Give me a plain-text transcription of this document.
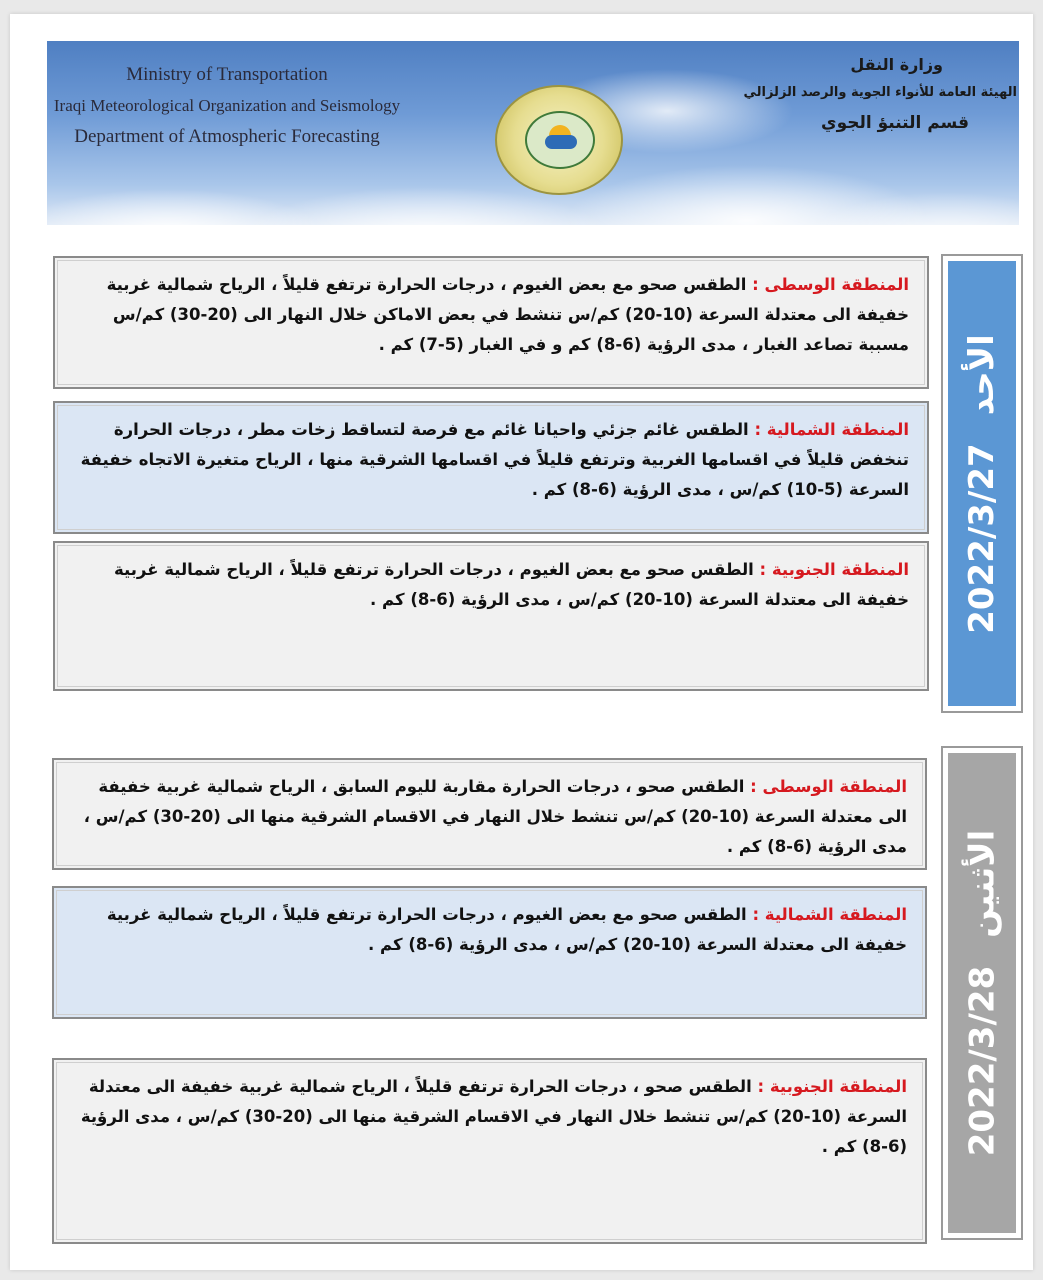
Ministry of Transportation
Iraqi Meteorological Organization and Seismology
Department of Atmospheric Forecasting
وزارة النقل
الهيئة العامة للأنواء الجوية والرصد الزلزالي
قسم التنبؤ الجوي
2022/3/27
الأحد
المنطقة الوسطى : الطقس صحو مع بعض الغيوم ، درجات الحرارة ترتفع قليلاً ، الرياح شمالية غربية خفيفة الى معتدلة السرعة (10-20) كم/س تنشط في بعض الاماكن خلال النهار الى (20-30) كم/س مسببة تصاعد الغبار ، مدى الرؤية (6-8) كم و في الغبار (5-7) كم .
المنطقة الشمالية : الطقس غائم جزئي واحيانا غائم مع فرصة لتساقط زخات مطر ، درجات الحرارة تنخفض قليلاً في اقسامها الغربية وترتفع قليلاً في اقسامها الشرقية منها ، الرياح متغيرة الاتجاه خفيفة السرعة (5-10) كم/س ، مدى الرؤية (6-8) كم .
المنطقة الجنوبية : الطقس صحو مع بعض الغيوم ، درجات الحرارة ترتفع قليلاً ، الرياح شمالية غربية خفيفة الى معتدلة السرعة (10-20) كم/س ، مدى الرؤية (6-8) كم .
2022/3/28
الأثنين
المنطقة الوسطى : الطقس صحو ، درجات الحرارة مقاربة لليوم السابق ، الرياح شمالية غربية خفيفة الى معتدلة السرعة (10-20) كم/س تنشط خلال النهار في الاقسام الشرقية منها الى (20-30) كم/س ، مدى الرؤية (6-8) كم .
المنطقة الشمالية : الطقس صحو مع بعض الغيوم ، درجات الحرارة ترتفع قليلاً ، الرياح شمالية غربية خفيفة الى معتدلة السرعة (10-20) كم/س ، مدى الرؤية (6-8) كم .
المنطقة الجنوبية : الطقس صحو ، درجات الحرارة ترتفع قليلاً ، الرياح شمالية غربية خفيفة الى معتدلة السرعة (10-20) كم/س تنشط خلال النهار في الاقسام الشرقية منها الى (20-30) كم/س ، مدى الرؤية (6-8) كم .
